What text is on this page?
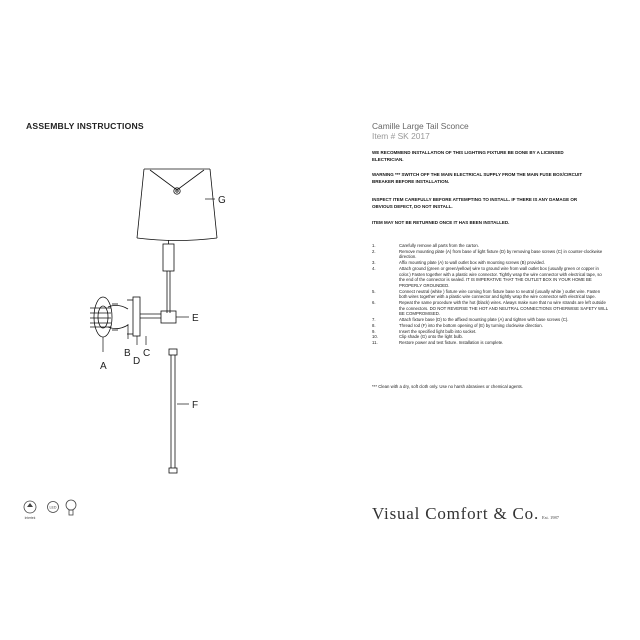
ASSEMBLY INSTRUCTIONS
G
E
F
A
B
D
C
Intertek
LED
Camille Large Tail Sconce
Item # SK 2017
WE RECOMMEND INSTALLATION OF THIS LIGHTING FIXTURE BE DONE BY A LICENSED ELECTRICIAN.
WARNING *** SWITCH OFF THE MAIN ELECTRICAL SUPPLY FROM THE MAIN FUSE BOX/CIRCUIT BREAKER BEFORE INSTALLATION.
INSPECT ITEM CAREFULLY BEFORE ATTEMPTING TO INSTALL. IF THERE IS ANY DAMAGE OR OBVIOUS DEFECT, DO NOT INSTALL.
ITEM MAY NOT BE RETURNED ONCE IT HAS BEEN INSTALLED.
1.	Carefully remove all parts from the carton.
2.	Remove mounting plate (A) from base of light fixture (D) by removing base screws (C) in counter-clockwise direction.
3.	Affix mounting plate (A) to wall outlet box with mounting screws (B) provided.
4.	Attach ground (green or green/yellow) wire to ground wire from wall outlet box (usually green or copper in color.) Fasten together with a plastic wire connector. Tightly wrap the wire connector with electrical tape, so the end of the connector is sealed. IT IS IMPERATIVE THAT THE OUTLET BOX IN YOUR HOME BE PROPERLY GROUNDED.
5.	Connect neutral (white ) fixture wire coming from fixture base to neutral (usually white ) outlet wire. Fasten both wires together with a plastic wire connector and tightly wrap the wire connector with electrical tape.
6.	Repeat the same procedure with the hot (black) wires. Always make sure that no wire strands are left outside the connectors. DO NOT REVERSE THE HOT AND NEUTRAL CONNECTIONS OTHERWISE SAFETY WILL BE COMPROMISED.
7.	Attach fixture base (D) to the affixed mounting plate (A) and tighten with base screws (C).
8.	Thread rod (F) into the bottom opening of (E) by turning clockwise direction.
9.	Insert the specified light bulb into socket.
10.	Clip shade (G) onto the light bulb.
11.	Restore power and test fixture. Installation is complete.
*** Clean with a dry, soft cloth only. Use no harsh abrasives or chemical agents.
Visual Comfort & Co. Est. 1987
